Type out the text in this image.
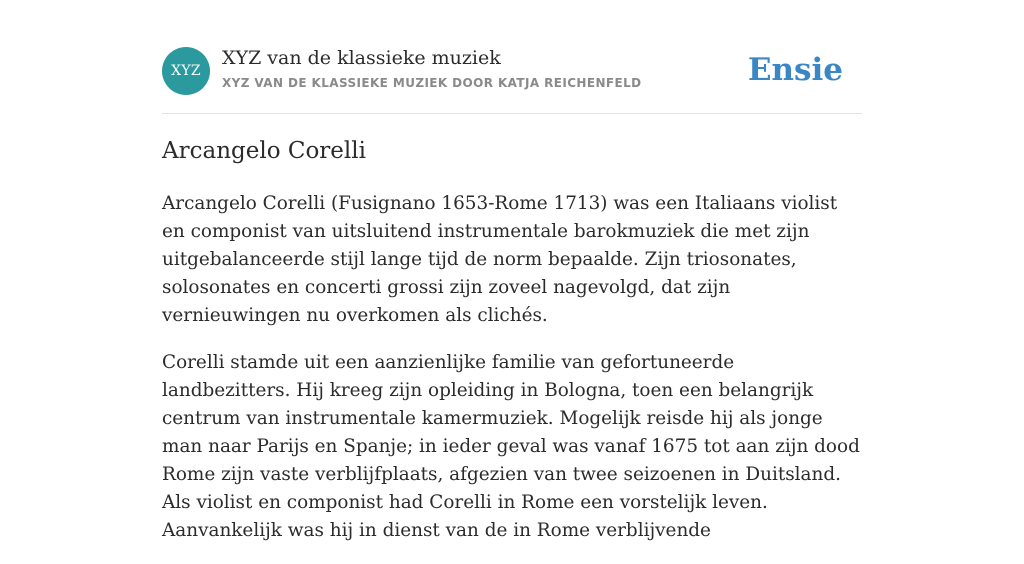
XYZ
XYZ van de klassieke muziek
XYZ VAN DE KLASSIEKE MUZIEK DOOR KATJA REICHENFELD	Ensie
Arcangelo Corelli

Arcangelo Corelli (Fusignano 1653-Rome 1713) was een Italiaans violist en componist van uitsluitend instrumentale barokmuziek die met zijn uitgebalanceerde stijl lange tijd de norm bepaalde. Zijn triosonates, solosonates en concerti grossi zijn zoveel nagevolgd, dat zijn vernieuwingen nu overkomen als clichés.

Corelli stamde uit een aanzienlijke familie van gefortuneerde landbezitters. Hij kreeg zijn opleiding in Bologna, toen een belangrijk centrum van instrumentale kamermuziek. Mogelijk reisde hij als jonge man naar Parijs en Spanje; in ieder geval was vanaf 1675 tot aan zijn dood Rome zijn vaste verblijfplaats, afgezien van twee seizoenen in Duitsland. Als violist en componist had Corelli in Rome een vorstelijk leven. Aanvankelijk was hij in dienst van de in Rome verblijvende
